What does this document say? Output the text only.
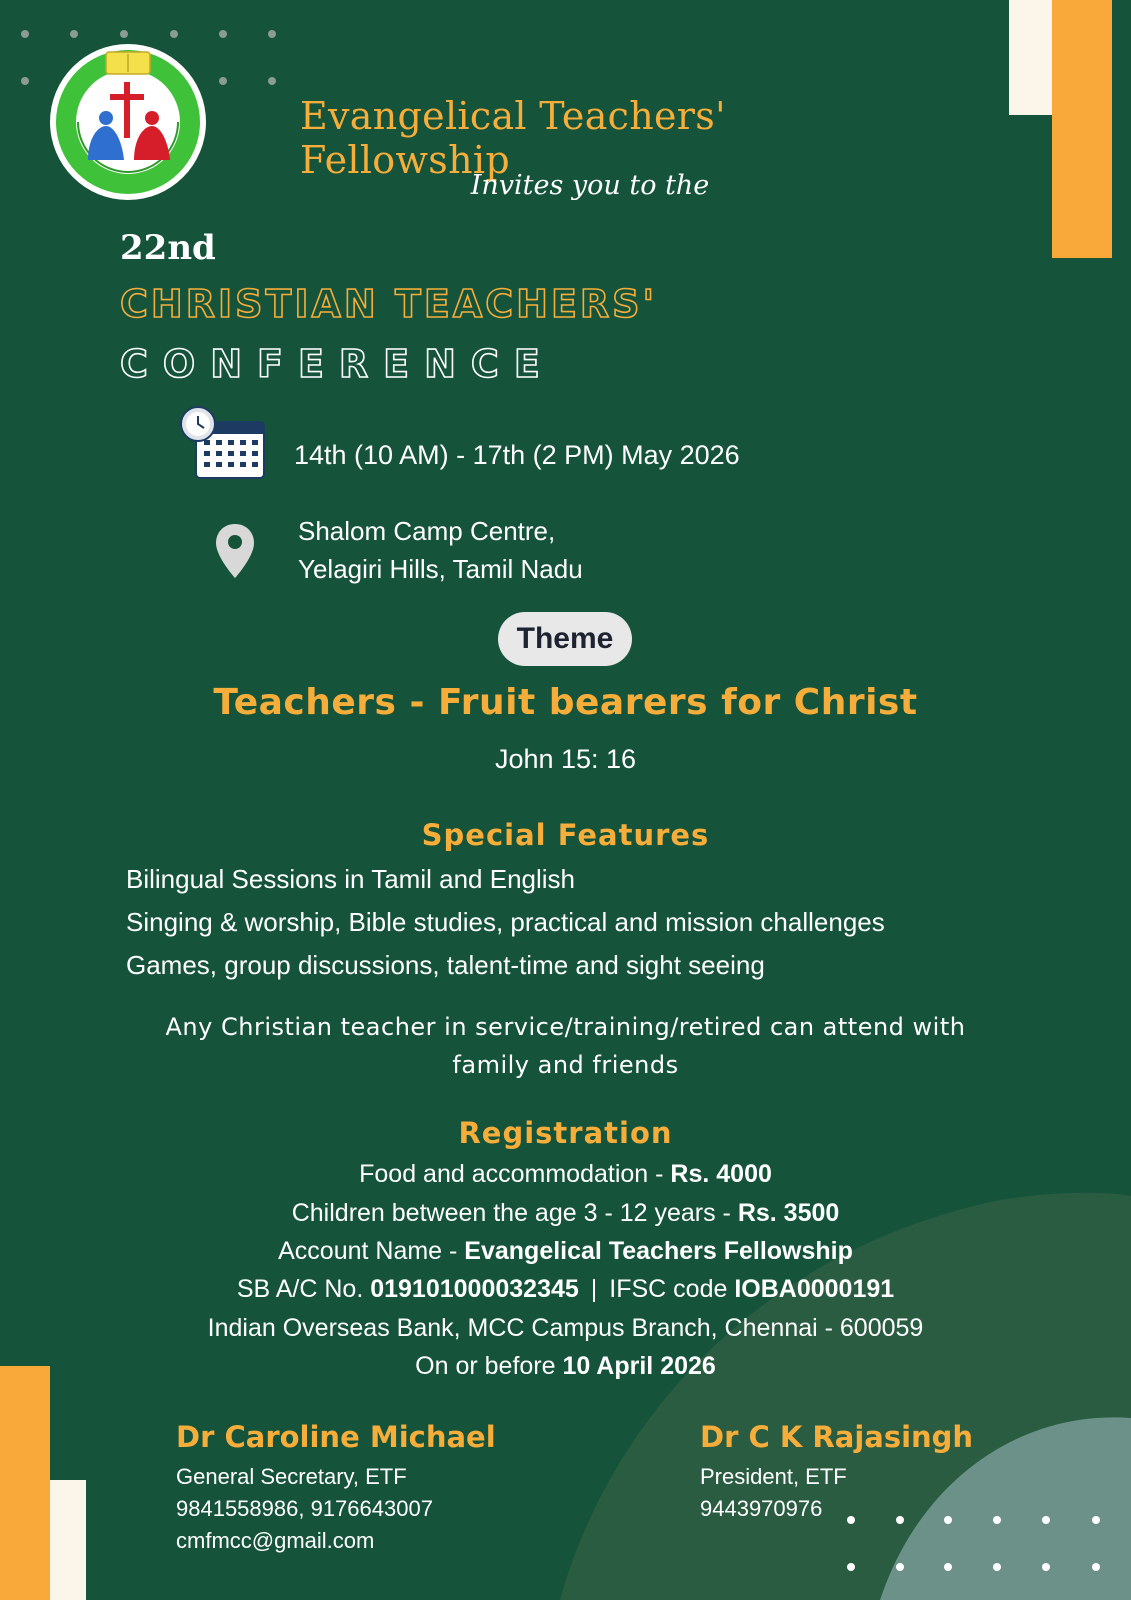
Evangelical Teachers' Fellowship
Invites you to the
22nd
CHRISTIAN TEACHERS'
CONFERENCE
14th (10 AM) - 17th (2 PM) May 2026
Shalom Camp Centre,
Yelagiri Hills, Tamil Nadu
Theme
Teachers - Fruit bearers for Christ
John 15: 16
Special Features
Bilingual Sessions in Tamil and English
Singing & worship, Bible studies, practical and mission challenges
Games, group discussions, talent-time and sight seeing
Any Christian teacher in service/training/retired can attend with
family and friends
Registration
Food and accommodation - Rs. 4000
Children between the age 3 - 12 years - Rs. 3500
Account Name - Evangelical Teachers Fellowship
SB A/C No. 019101000032345 | IFSC code IOBA0000191
Indian Overseas Bank, MCC Campus Branch, Chennai - 600059
On or before 10 April 2026
Dr Caroline Michael
General Secretary, ETF
9841558986, 9176643007
cmfmcc@gmail.com
Dr C K Rajasingh
President, ETF
9443970976
